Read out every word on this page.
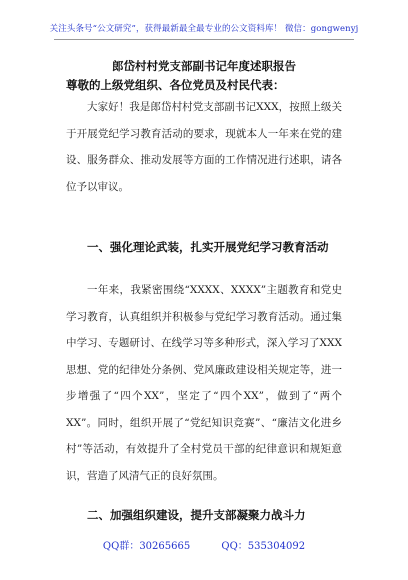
关注头条号“公文研究”，获得最新最全最专业的公文资料库！ 微信：gongwenyj
郎岱村村党支部副书记年度述职报告
尊敬的上级党组织、各位党员及村民代表：
大家好！我是郎岱村村党支部副书记XXX，按照上级关于开展党纪学习教育活动的要求，现就本人一年来在党的建设、服务群众、推动发展等方面的工作情况进行述职，请各位予以审议。
一、强化理论武装，扎实开展党纪学习教育活动
一年来，我紧密围绕“XXXX、XXXX”主题教育和党史学习教育，认真组织并积极参与党纪学习教育活动。通过集中学习、专题研讨、在线学习等多种形式，深入学习了XXX思想、党的纪律处分条例、党风廉政建设相关规定等，进一步增强了“四个XX”，坚定了“四个XX”，做到了“两个XX”。同时，组织开展了“党纪知识竞赛”、“廉洁文化进乡村”等活动，有效提升了全村党员干部的纪律意识和规矩意识，营造了风清气正的良好氛围。
二、加强组织建设，提升支部凝聚力战斗力
QQ群：30265665	QQ：535304092
